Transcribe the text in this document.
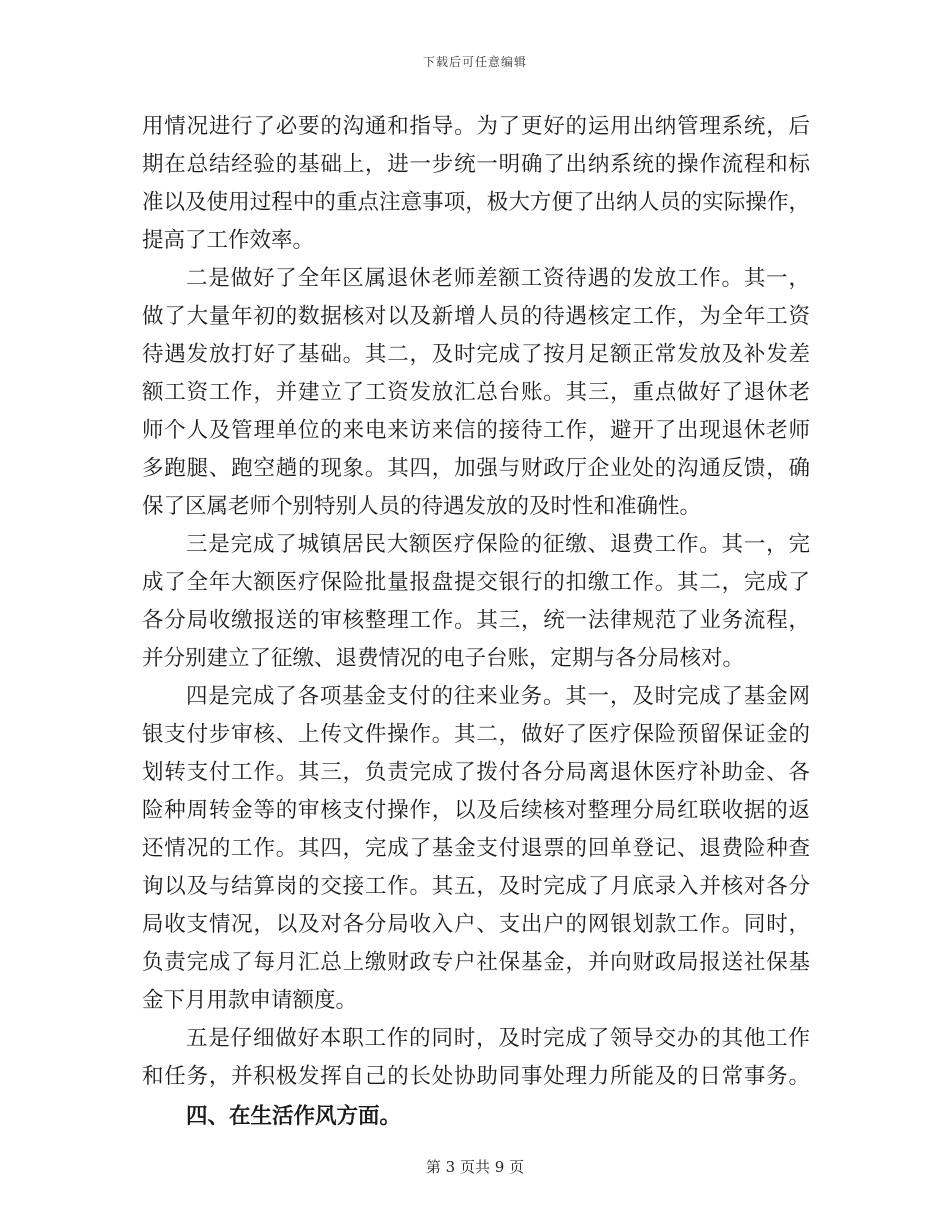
下载后可任意编辑
用情况进行了必要的沟通和指导。为了更好的运用出纳管理系统，后
期在总结经验的基础上，进一步统一明确了出纳系统的操作流程和标
准以及使用过程中的重点注意事项，极大方便了出纳人员的实际操作，
提高了工作效率。
二是做好了全年区属退休老师差额工资待遇的发放工作。其一，
做了大量年初的数据核对以及新增人员的待遇核定工作，为全年工资
待遇发放打好了基础。其二，及时完成了按月足额正常发放及补发差
额工资工作，并建立了工资发放汇总台账。其三，重点做好了退休老
师个人及管理单位的来电来访来信的接待工作，避开了出现退休老师
多跑腿、跑空趟的现象。其四，加强与财政厅企业处的沟通反馈，确
保了区属老师个别特别人员的待遇发放的及时性和准确性。
三是完成了城镇居民大额医疗保险的征缴、退费工作。其一，完
成了全年大额医疗保险批量报盘提交银行的扣缴工作。其二，完成了
各分局收缴报送的审核整理工作。其三，统一法律规范了业务流程，
并分别建立了征缴、退费情况的电子台账，定期与各分局核对。
四是完成了各项基金支付的往来业务。其一，及时完成了基金网
银支付步审核、上传文件操作。其二，做好了医疗保险预留保证金的
划转支付工作。其三，负责完成了拨付各分局离退休医疗补助金、各
险种周转金等的审核支付操作，以及后续核对整理分局红联收据的返
还情况的工作。其四，完成了基金支付退票的回单登记、退费险种查
询以及与结算岗的交接工作。其五，及时完成了月底录入并核对各分
局收支情况，以及对各分局收入户、支出户的网银划款工作。同时，
负责完成了每月汇总上缴财政专户社保基金，并向财政局报送社保基
金下月用款申请额度。
五是仔细做好本职工作的同时，及时完成了领导交办的其他工作
和任务，并积极发挥自己的长处协助同事处理力所能及的日常事务。
四、在生活作风方面。
第 3 页共 9 页
